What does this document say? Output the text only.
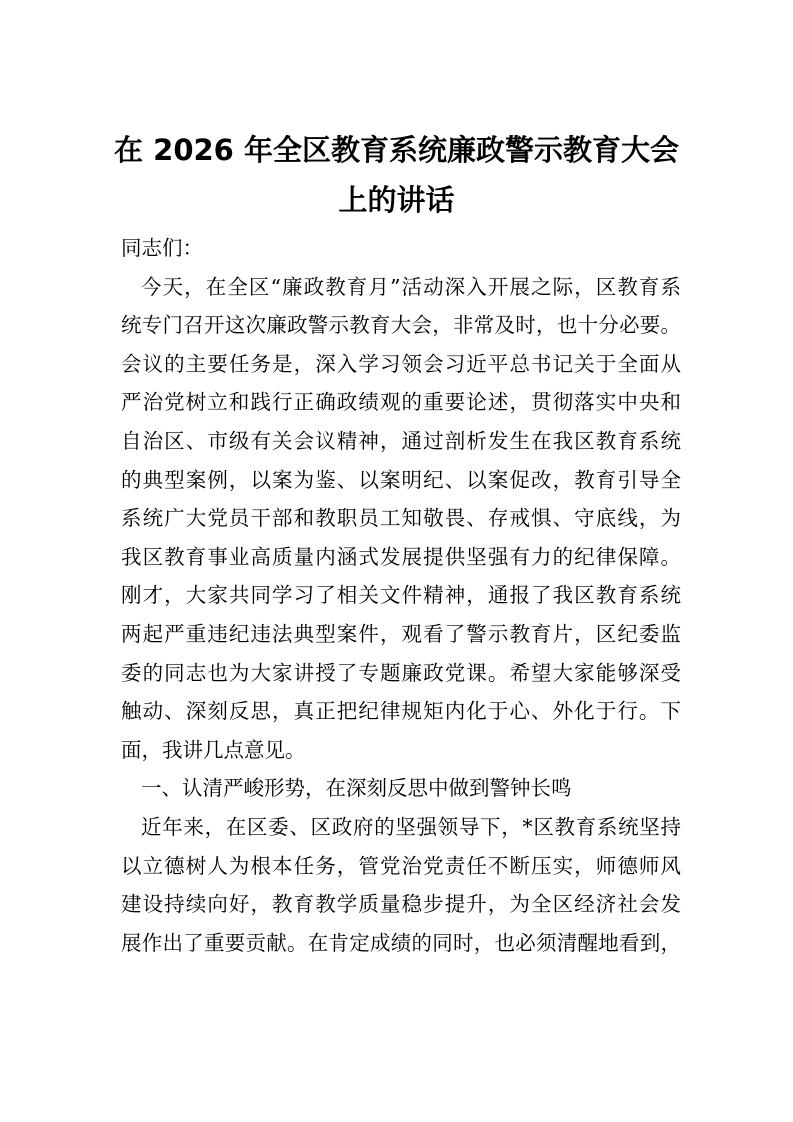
在 2026 年全区教育系统廉政警示教育大会
上的讲话
同志们：
今天，在全区“廉政教育月”活动深入开展之际，区教育系
统专门召开这次廉政警示教育大会，非常及时，也十分必要。
会议的主要任务是，深入学习领会习近平总书记关于全面从
严治党树立和践行正确政绩观的重要论述，贯彻落实中央和
自治区、市级有关会议精神，通过剖析发生在我区教育系统
的典型案例，以案为鉴、以案明纪、以案促改，教育引导全
系统广大党员干部和教职员工知敬畏、存戒惧、守底线，为
我区教育事业高质量内涵式发展提供坚强有力的纪律保障。
刚才，大家共同学习了相关文件精神，通报了我区教育系统
两起严重违纪违法典型案件，观看了警示教育片，区纪委监
委的同志也为大家讲授了专题廉政党课。希望大家能够深受
触动、深刻反思，真正把纪律规矩内化于心、外化于行。下
面，我讲几点意见。
一、认清严峻形势，在深刻反思中做到警钟长鸣
近年来，在区委、区政府的坚强领导下，*区教育系统坚持
以立德树人为根本任务，管党治党责任不断压实，师德师风
建设持续向好，教育教学质量稳步提升，为全区经济社会发
展作出了重要贡献。在肯定成绩的同时，也必须清醒地看到，
